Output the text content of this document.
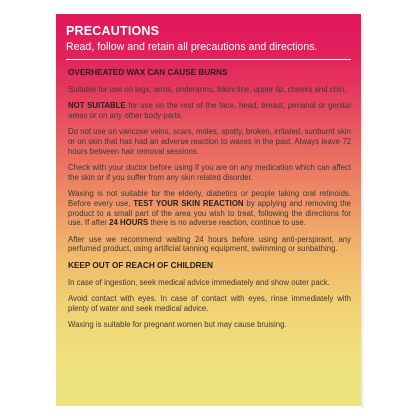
PRECAUTIONS
Read, follow and retain all precautions and directions.

OVERHEATED WAX CAN CAUSE BURNS

Suitable for use on legs, arms, underarms, bikini line, upper lip, cheeks and chin.

NOT SUITABLE for use on the rest of the face, head, breast, perianal or genital areas or on any other body parts.

Do not use on varicose veins, scars, moles, spotty, broken, irritated, sunburnt skin or on skin that has had an adverse reaction to waxes in the past. Always leave 72 hours between hair removal sessions.

Check with your doctor before using if you are on any medication which can affect the skin or if you suffer from any skin related disorder.

Waxing is not suitable for the elderly, diabetics or people taking oral retinoids. Before every use, TEST YOUR SKIN REACTION by applying and removing the product to a small part of the area you wish to treat, following the directions for use. If after 24 HOURS there is no adverse reaction, continue to use.

After use we recommend waiting 24 hours before using anti-perspirant, any perfumed product, using artificial tanning equipment, swimming or sunbathing.

KEEP OUT OF REACH OF CHILDREN

In case of ingestion, seek medical advice immediately and show outer pack.

Avoid contact with eyes. In case of contact with eyes, rinse immediately with plenty of water and seek medical advice.

Waxing is suitable for pregnant women but may cause bruising.
